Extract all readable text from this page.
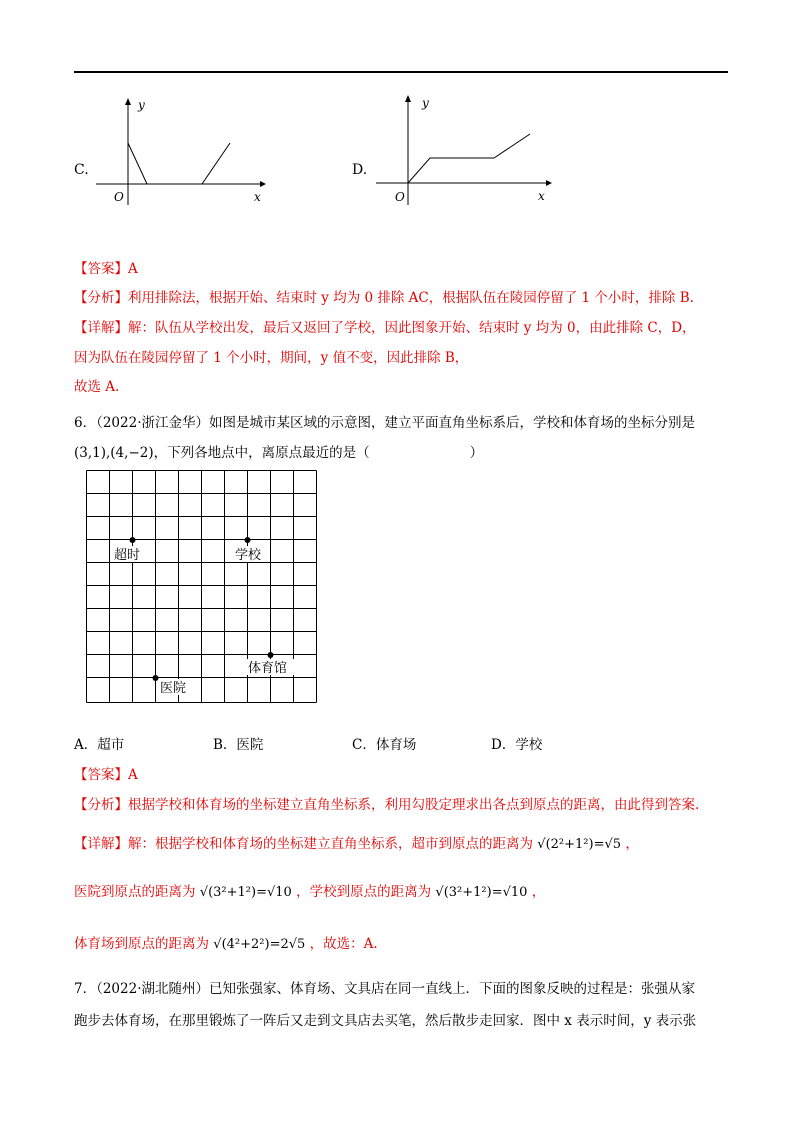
C.
y
x
O
D.
y
x
O
【答案】A
【分析】利用排除法，根据开始、结束时 y 均为 0 排除 AC，根据队伍在陵园停留了 1 个小时，排除 B.
【详解】解：队伍从学校出发，最后又返回了学校，因此图象开始、结束时 y 均为 0，由此排除 C，D，
因为队伍在陵园停留了 1 个小时，期间，y 值不变，因此排除 B，
故选 A.
6．（2022·浙江金华）如图是城市某区域的示意图，建立平面直角坐标系后，学校和体育场的坐标分别是
(3,1),(4,−2)，下列各地点中，离原点最近的是（	）
超时	学校
体育馆
医院
A．超市	B．医院	C．体育场	D．学校
【答案】A
【分析】根据学校和体育场的坐标建立直角坐标系，利用勾股定理求出各点到原点的距离，由此得到答案.
【详解】解：根据学校和体育场的坐标建立直角坐标系，超市到原点的距离为 √(2²+1²)=√5 ，
医院到原点的距离为 √(3²+1²)=√10 ，学校到原点的距离为 √(3²+1²)=√10 ，
体育场到原点的距离为 √(4²+2²)=2√5 ，故选：A.
7．（2022·湖北随州）已知张强家、体育场、文具店在同一直线上．下面的图象反映的过程是：张强从家
跑步去体育场，在那里锻炼了一阵后又走到文具店去买笔，然后散步走回家．图中 x 表示时间，y 表示张
